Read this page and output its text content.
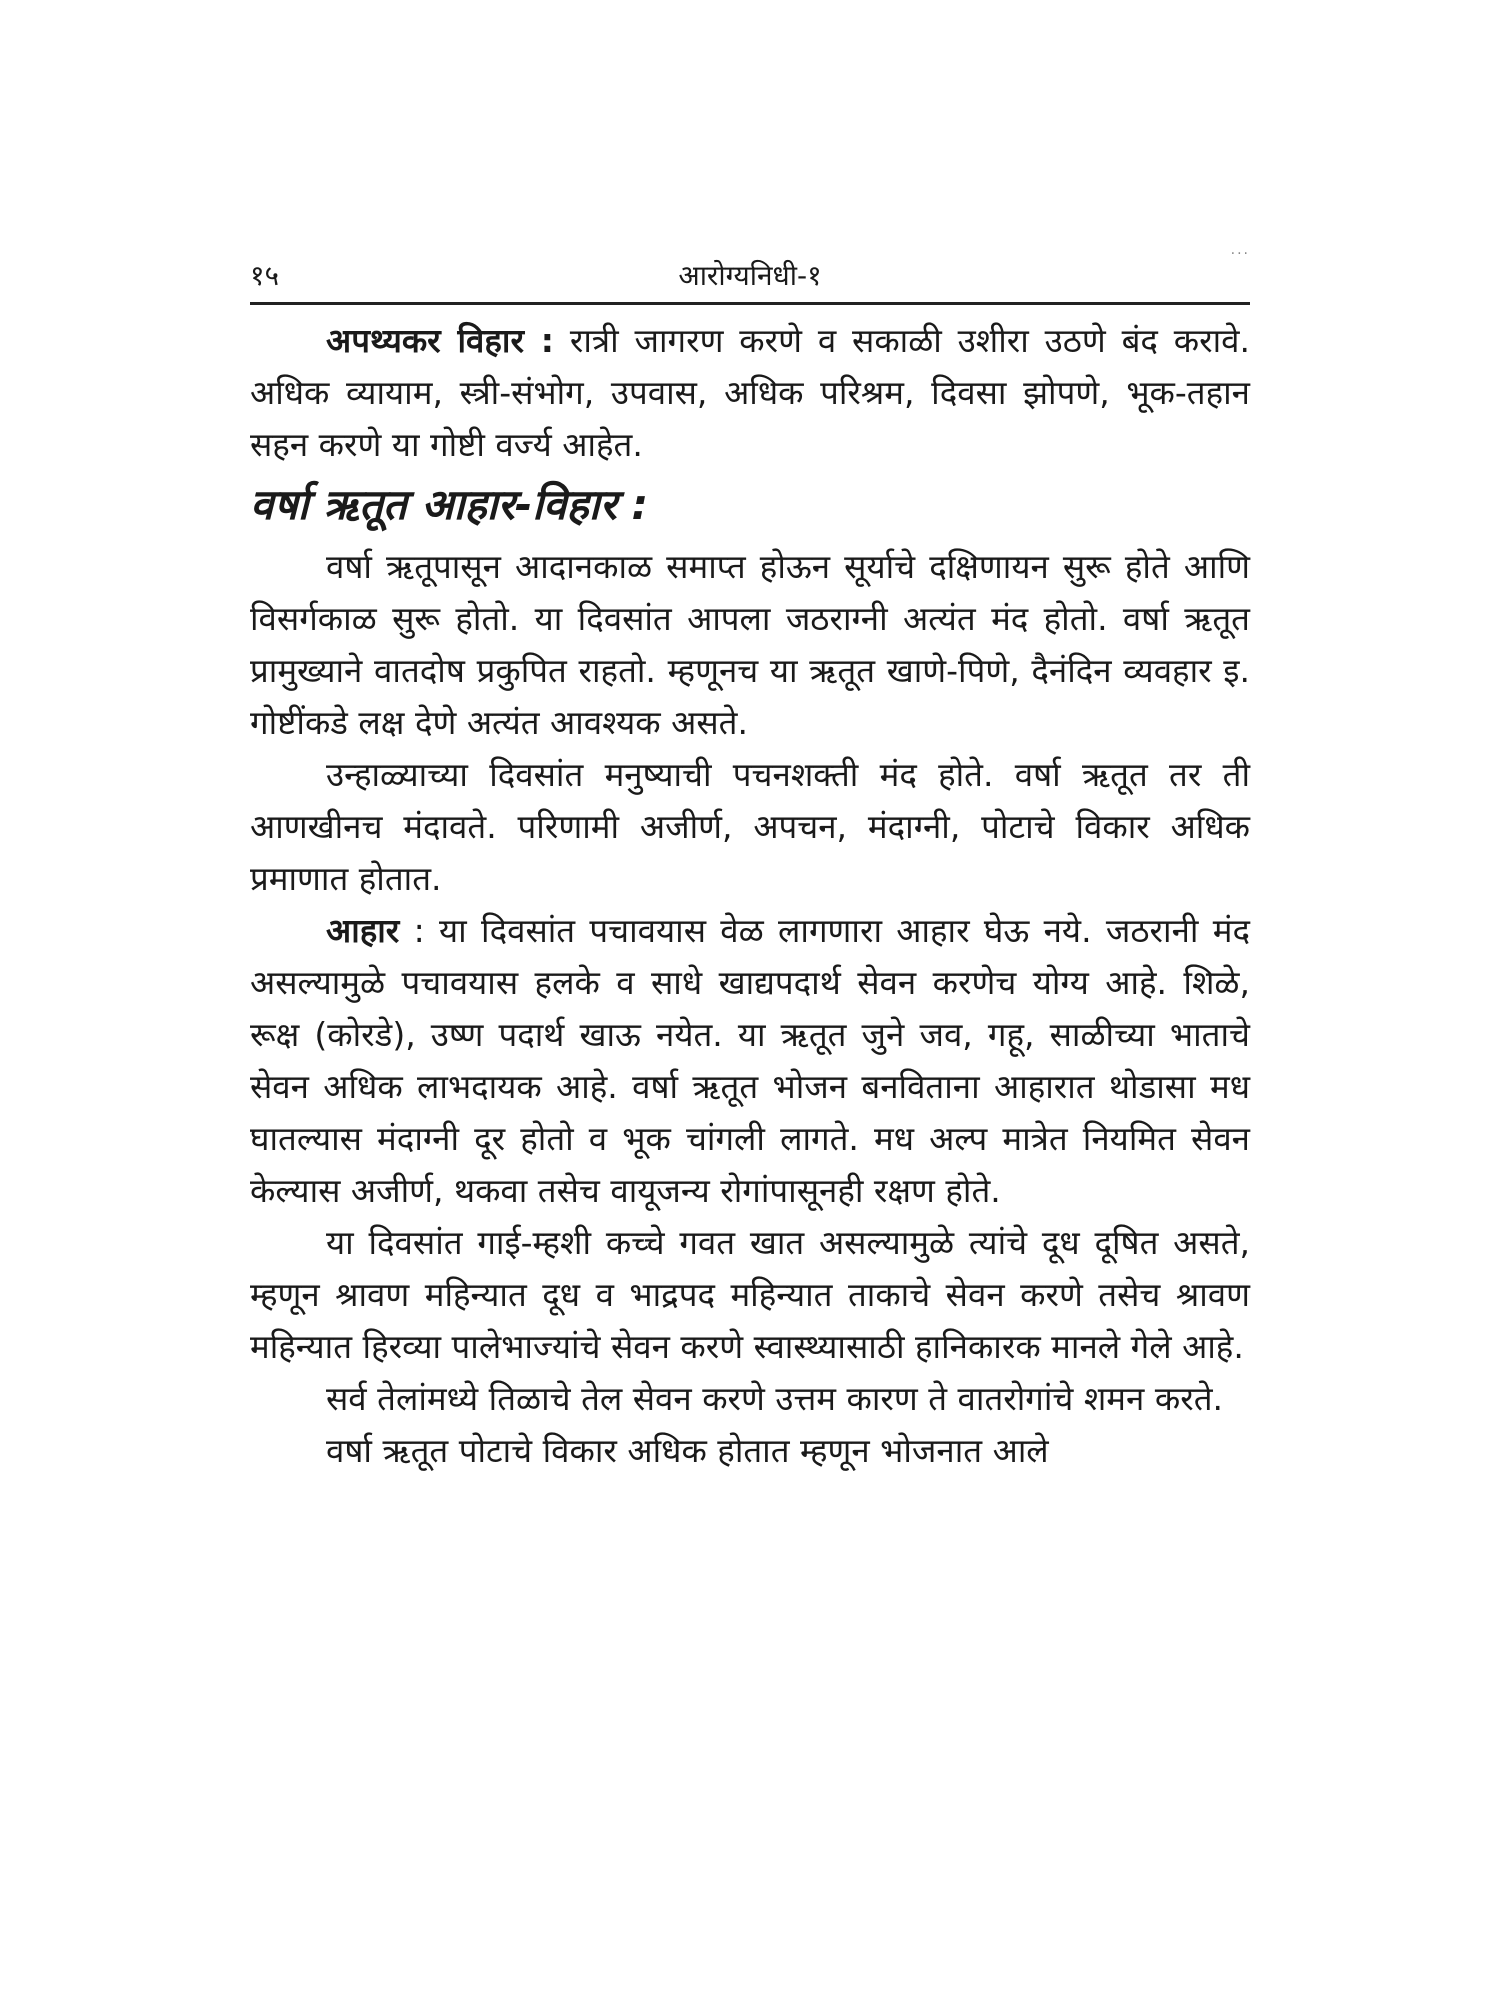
...
१५	आरोग्यनिधी-१

अपथ्यकर विहार : रात्री जागरण करणे व सकाळी उशीरा उठणे बंद करावे. अधिक व्यायाम, स्त्री-संभोग, उपवास, अधिक परिश्रम, दिवसा झोपणे, भूक-तहान सहन करणे या गोष्टी वर्ज्य आहेत.

वर्षा ऋतूत आहार-विहार :

वर्षा ऋतूपासून आदानकाळ समाप्त होऊन सूर्याचे दक्षिणायन सुरू होते आणि विसर्गकाळ सुरू होतो. या दिवसांत आपला जठराग्नी अत्यंत मंद होतो. वर्षा ऋतूत प्रामुख्याने वातदोष प्रकुपित राहतो. म्हणूनच या ऋतूत खाणे-पिणे, दैनंदिन व्यवहार इ. गोष्टींकडे लक्ष देणे अत्यंत आवश्यक असते.

उन्हाळ्याच्या दिवसांत मनुष्याची पचनशक्ती मंद होते. वर्षा ऋतूत तर ती आणखीनच मंदावते. परिणामी अजीर्ण, अपचन, मंदाग्नी, पोटाचे विकार अधिक प्रमाणात होतात.

आहार : या दिवसांत पचावयास वेळ लागणारा आहार घेऊ नये. जठरानी मंद असल्यामुळे पचावयास हलके व साधे खाद्यपदार्थ सेवन करणेच योग्य आहे. शिळे, रूक्ष (कोरडे), उष्ण पदार्थ खाऊ नयेत. या ऋतूत जुने जव, गहू, साळीच्या भाताचे सेवन अधिक लाभदायक आहे. वर्षा ऋतूत भोजन बनविताना आहारात थोडासा मध घातल्यास मंदाग्नी दूर होतो व भूक चांगली लागते. मध अल्प मात्रेत नियमित सेवन केल्यास अजीर्ण, थकवा तसेच वायूजन्य रोगांपासूनही रक्षण होते.

या दिवसांत गाई-म्हशी कच्चे गवत खात असल्यामुळे त्यांचे दूध दूषित असते, म्हणून श्रावण महिन्यात दूध व भाद्रपद महिन्यात ताकाचे सेवन करणे तसेच श्रावण महिन्यात हिरव्या पालेभाज्यांचे सेवन करणे स्वास्थ्यासाठी हानिकारक मानले गेले आहे.

सर्व तेलांमध्ये तिळाचे तेल सेवन करणे उत्तम कारण ते वातरोगांचे शमन करते.

वर्षा ऋतूत पोटाचे विकार अधिक होतात म्हणून भोजनात आले
